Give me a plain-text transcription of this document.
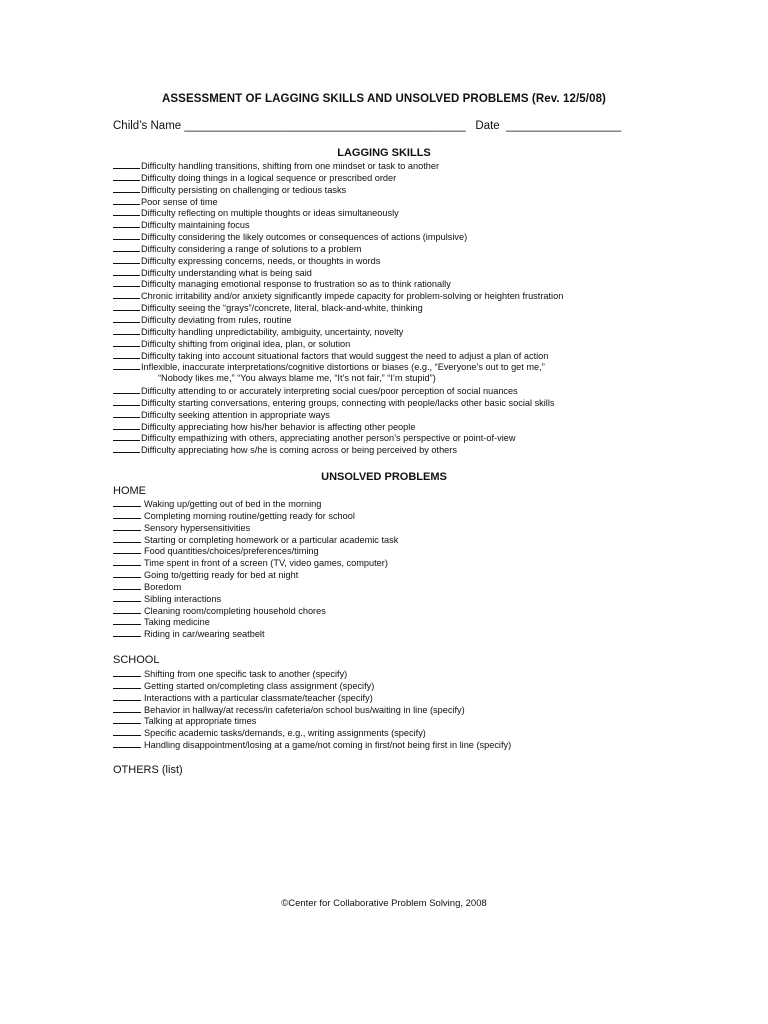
ASSESSMENT OF LAGGING SKILLS AND UNSOLVED PROBLEMS (Rev. 12/5/08)
Child’s Name ____________________________________________ Date __________________
LAGGING SKILLS
Difficulty handling transitions, shifting from one mindset or task to another
Difficulty doing things in a logical sequence or prescribed order
Difficulty persisting on challenging or tedious tasks
Poor sense of time
Difficulty reflecting on multiple thoughts or ideas simultaneously
Difficulty maintaining focus
Difficulty considering the likely outcomes or consequences of actions (impulsive)
Difficulty considering a range of solutions to a problem
Difficulty expressing concerns, needs, or thoughts in words
Difficulty understanding what is being said
Difficulty managing emotional response to frustration so as to think rationally
Chronic irritability and/or anxiety significantly impede capacity for problem-solving or heighten frustration
Difficulty seeing the “grays”/concrete, literal, black-and-white, thinking
Difficulty deviating from rules, routine
Difficulty handling unpredictability, ambiguity, uncertainty, novelty
Difficulty shifting from original idea, plan, or solution
Difficulty taking into account situational factors that would suggest the need to adjust a plan of action
Inflexible, inaccurate interpretations/cognitive distortions or biases (e.g., “Everyone’s out to get me,”
“Nobody likes me,” “You always blame me, “It’s not fair,” “I’m stupid”)
Difficulty attending to or accurately interpreting social cues/poor perception of social nuances
Difficulty starting conversations, entering groups, connecting with people/lacks other basic social skills
Difficulty seeking attention in appropriate ways
Difficulty appreciating how his/her behavior is affecting other people
Difficulty empathizing with others, appreciating another person’s perspective or point-of-view
Difficulty appreciating how s/he is coming across or being perceived by others
UNSOLVED PROBLEMS
HOME
Waking up/getting out of bed in the morning
Completing morning routine/getting ready for school
Sensory hypersensitivities
Starting or completing homework or a particular academic task
Food quantities/choices/preferences/timing
Time spent in front of a screen (TV, video games, computer)
Going to/getting ready for bed at night
Boredom
Sibling interactions
Cleaning room/completing household chores
Taking medicine
Riding in car/wearing seatbelt
SCHOOL
Shifting from one specific task to another (specify)
Getting started on/completing class assignment (specify)
Interactions with a particular classmate/teacher (specify)
Behavior in hallway/at recess/in cafeteria/on school bus/waiting in line (specify)
Talking at appropriate times
Specific academic tasks/demands, e.g., writing assignments (specify)
Handling disappointment/losing at a game/not coming in first/not being first in line (specify)
OTHERS (list)
©Center for Collaborative Problem Solving, 2008
